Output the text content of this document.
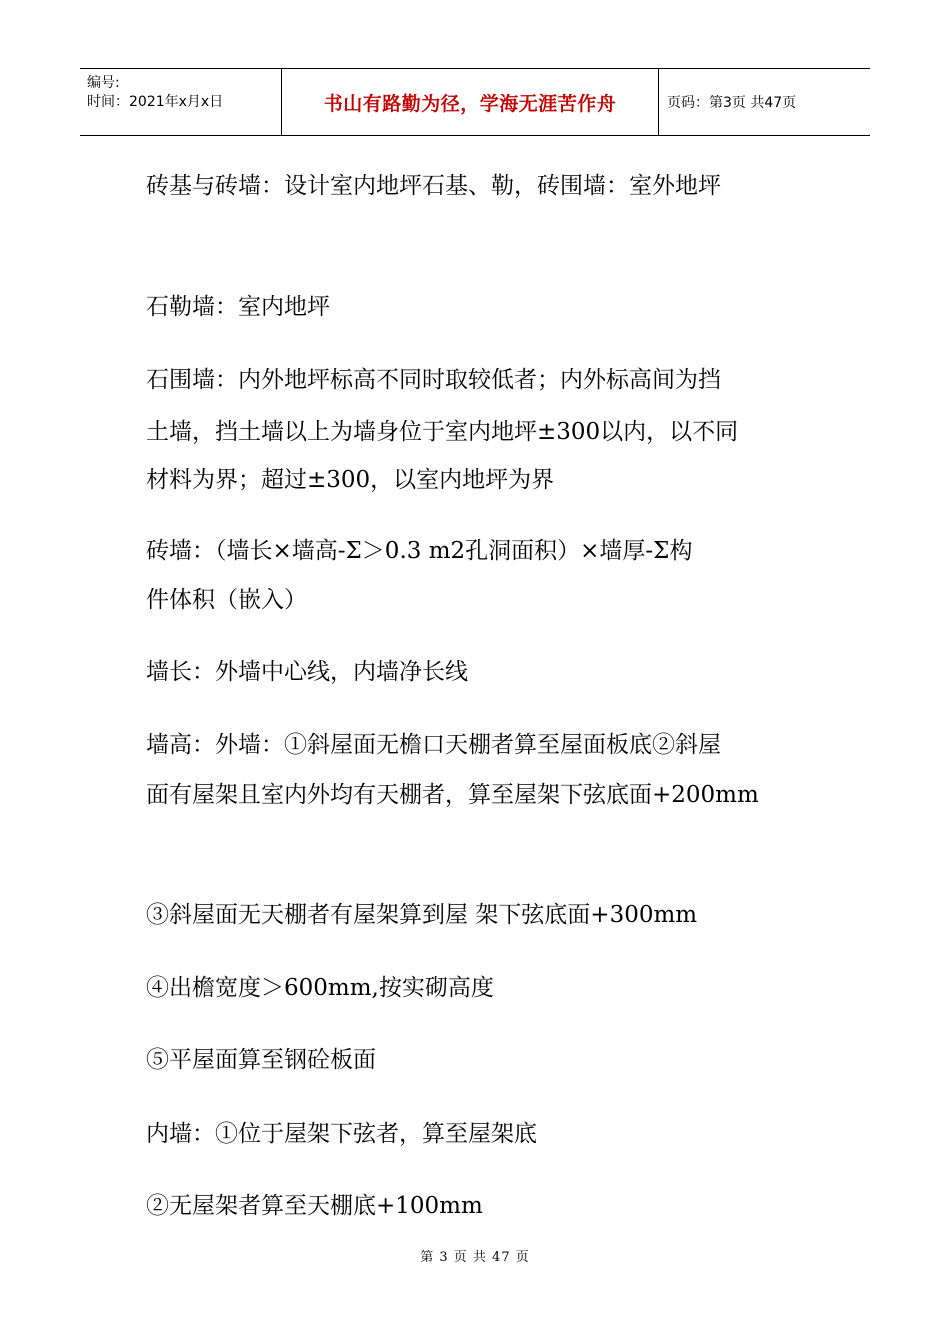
编号:
时间：2021年x月x日	书山有路勤为径，学海无涯苦作舟	页码：第3页 共47页

砖基与砖墙：设计室内地坪石基、勒，砖围墙：室外地坪

石勒墙：室内地坪

石围墙：内外地坪标高不同时取较低者；内外标高间为挡

土墙，挡土墙以上为墙身位于室内地坪±300以内，以不同

材料为界；超过±300，以室内地坪为界

砖墙：（墙长×墙高-Σ＞0.3 m2孔洞面积）×墙厚-Σ构

件体积（嵌入）

墙长：外墙中心线，内墙净长线

墙高：外墙：①斜屋面无檐口天棚者算至屋面板底②斜屋

面有屋架且室内外均有天棚者，算至屋架下弦底面+200mm

③斜屋面无天棚者有屋架算到屋 架下弦底面+300mm

④出檐宽度＞600mm,按实砌高度

⑤平屋面算至钢砼板面

内墙：①位于屋架下弦者，算至屋架底

②无屋架者算至天棚底+100mm

第 3 页 共 47 页
